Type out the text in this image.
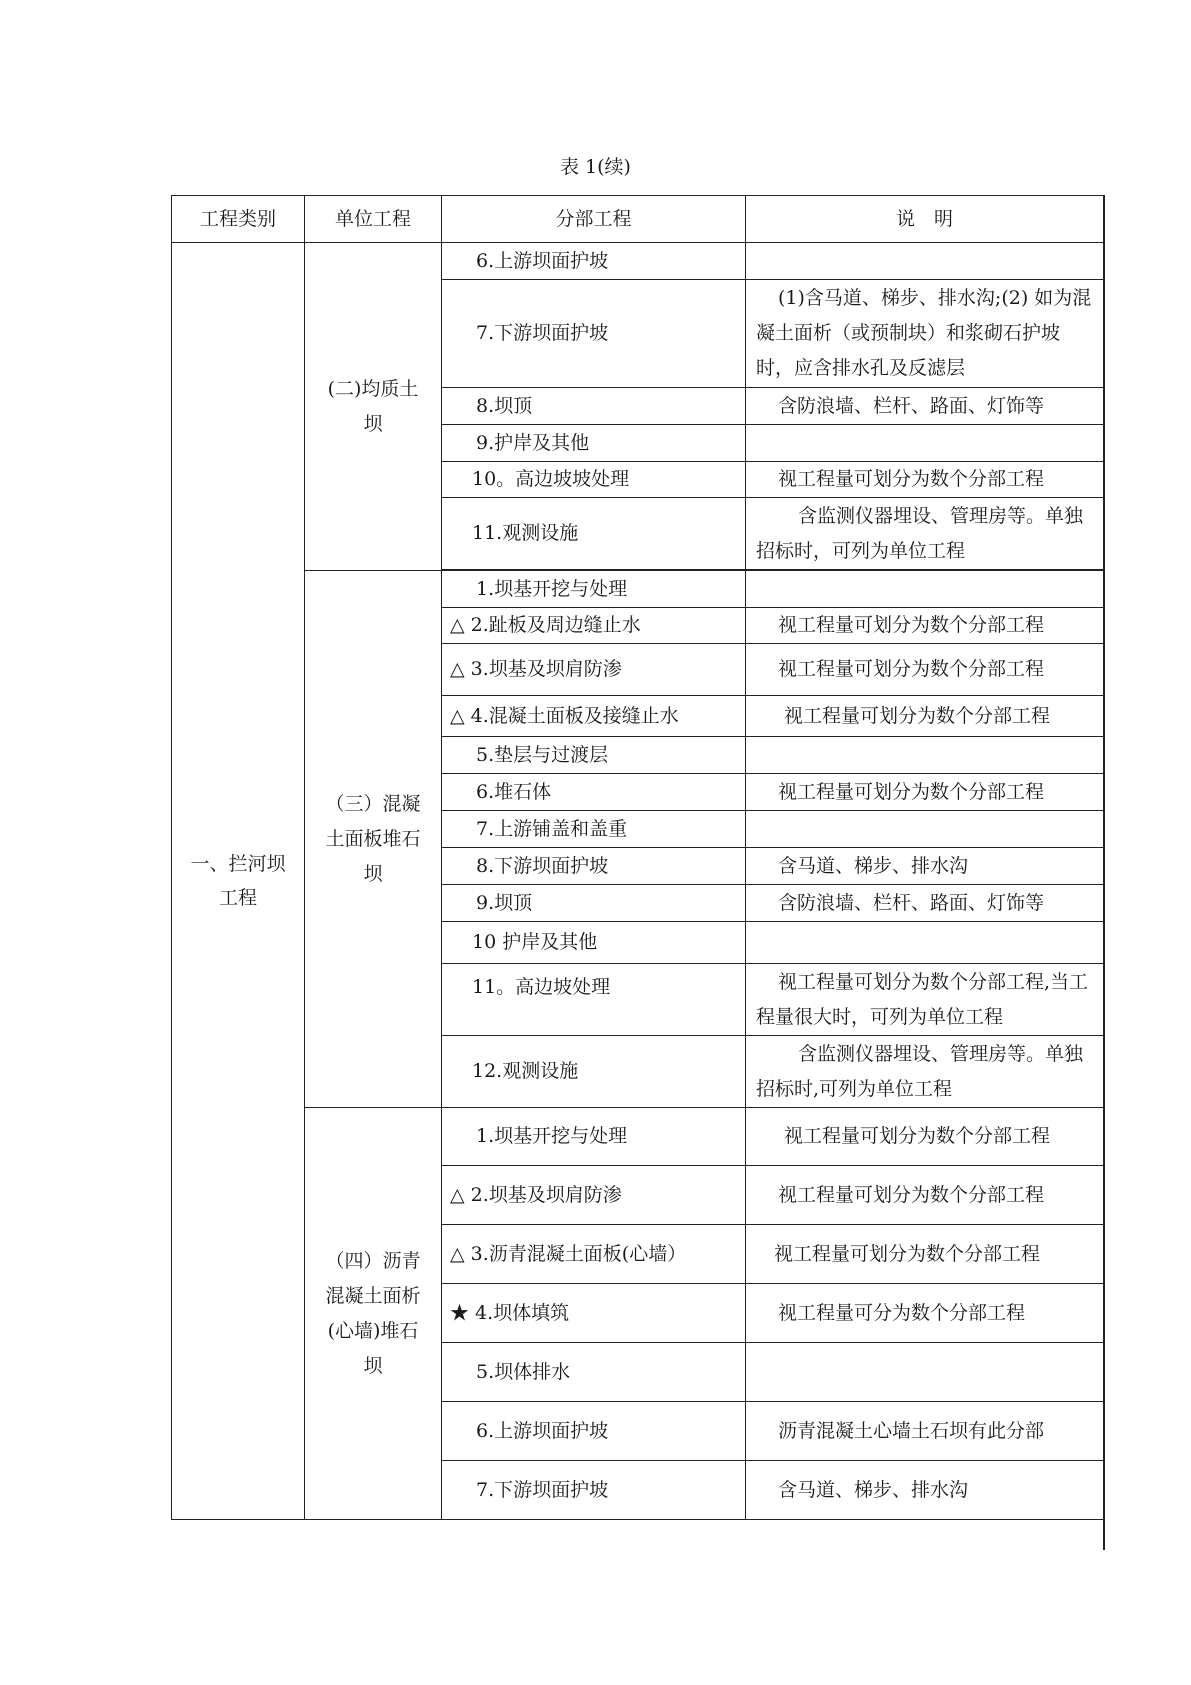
表 1(续)
工程类别	单位工程	分部工程	说　明

一、拦河坝工程	(二)均质土坝	6.上游坝面护坡	
		7.下游坝面护坡	(1)含马道、梯步、排水沟;(2) 如为混凝土面析（或预制块）和浆砌石护坡时，应含排水孔及反滤层
		8.坝顶	含防浪墙、栏杆、路面、灯饰等
		9.护岸及其他	
		10。高边坡坡处理	视工程量可划分为数个分部工程
		11.观测设施	含监测仪器埋设、管理房等。单独招标时，可列为单位工程

	（三）混凝土面板堆石坝	1.坝基开挖与处理	
		△ 2.趾板及周边缝止水	视工程量可划分为数个分部工程
		△ 3.坝基及坝肩防渗	视工程量可划分为数个分部工程
		△ 4.混凝土面板及接缝止水	视工程量可划分为数个分部工程
		5.垫层与过渡层	
		6.堆石体	视工程量可划分为数个分部工程
		7.上游铺盖和盖重	
		8.下游坝面护坡	含马道、梯步、排水沟
		9.坝顶	含防浪墙、栏杆、路面、灯饰等
		10 护岸及其他	
		11。高边坡处理	视工程量可划分为数个分部工程,当工程量很大时，可列为单位工程
		12.观测设施	含监测仪器埋设、管理房等。单独招标时,可列为单位工程

	（四）沥青混凝土面析(心墙)堆石坝	1.坝基开挖与处理	视工程量可划分为数个分部工程
		△ 2.坝基及坝肩防渗	视工程量可划分为数个分部工程
		△ 3.沥青混凝土面板(心墙）	视工程量可划分为数个分部工程
		★ 4.坝体填筑	视工程量可分为数个分部工程
		5.坝体排水	
		6.上游坝面护坡	沥青混凝土心墙土石坝有此分部
		7.下游坝面护坡	含马道、梯步、排水沟
